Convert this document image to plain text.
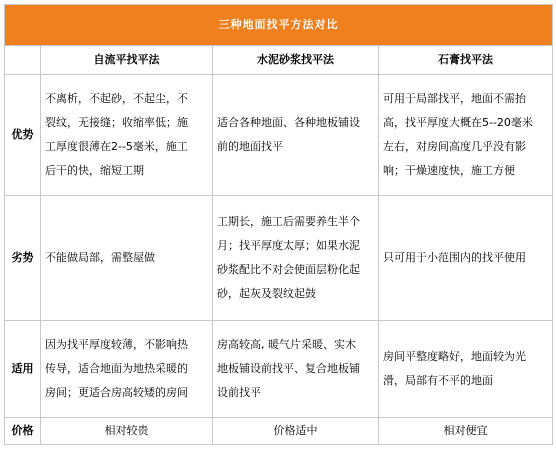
三种地面找平方法对比			
	自流平找平法	水泥砂浆找平法	石膏找平法
优势	不离析，不起砂，不起尘，不
裂纹，无接缝；收缩率低；施
工厚度很薄在2--5毫米，施工
后干的快，缩短工期	适合各种地面、各种地板铺设
前的地面找平	可用于局部找平，地面不需抬
高，找平厚度大概在5--20毫米
左右，对房间高度几乎没有影
响；干燥速度快，施工方便

劣势	不能做局部，需整屋做	工期长，施工后需要养生半个
月；找平厚度太厚；如果水泥
砂浆配比不对会使面层粉化起
砂，起灰及裂纹起鼓	只可用于小范围内的找平使用

适用	因为找平厚度较薄，不影响热
传导，适合地面为地热采暖的
房间；更适合房高较矮的房间	房高较高, 暖气片采暖、实木
地板铺设前找平、复合地板铺
设前找平	房间平整度略好，地面较为光
滑，局部有不平的地面

价格	相对较贵	价格适中	相对便宜
